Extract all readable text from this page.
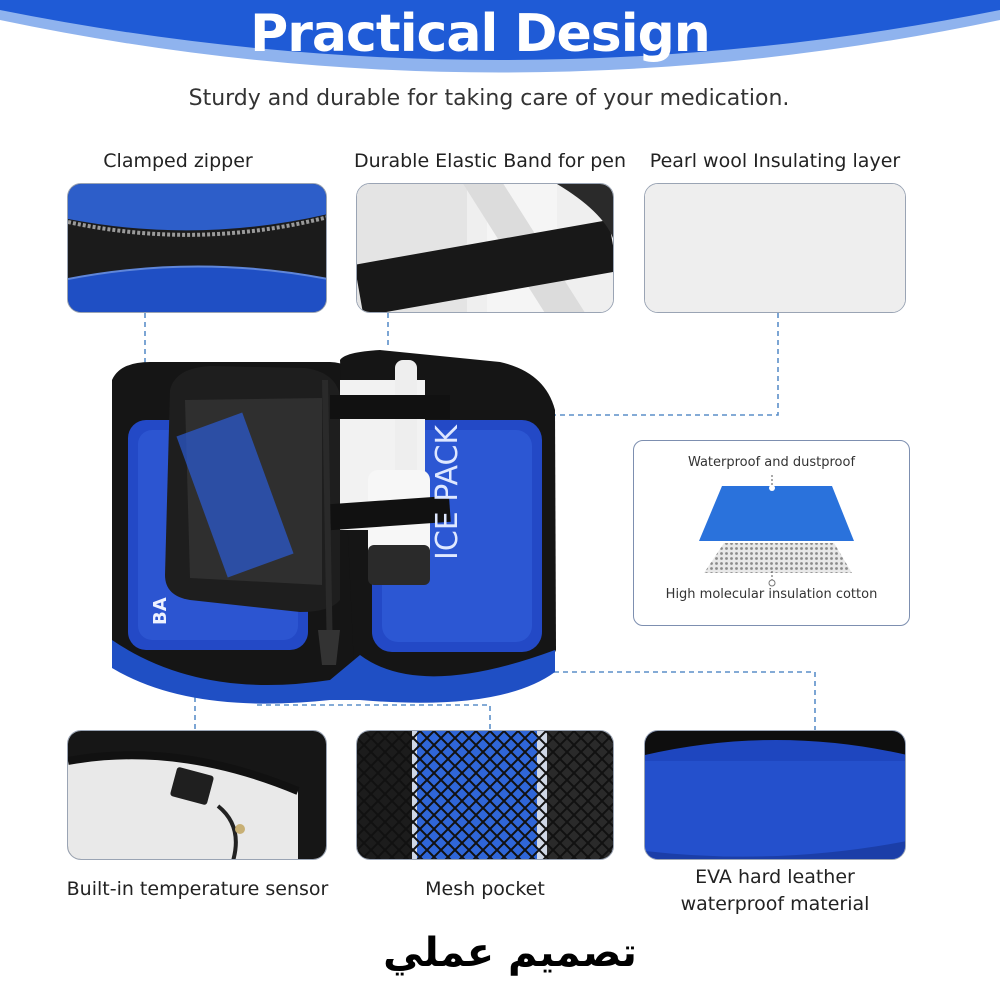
Practical Design
Sturdy and durable for taking care of your medication.
Clamped zipper	Durable Elastic Band for pen	Pearl wool Insulating layer
ICE PACK
BA
Waterproof and dustproof
High molecular insulation cotton
Built-in temperature sensor	Mesh pocket
EVA hard leather
waterproof material
تصميم عملي
